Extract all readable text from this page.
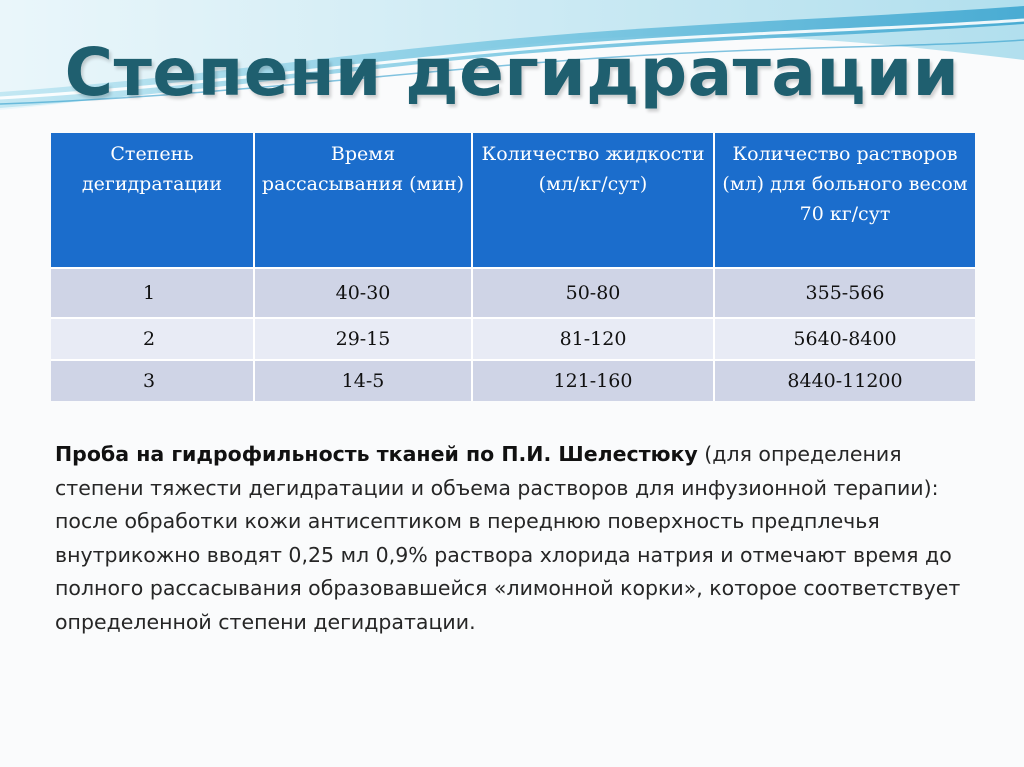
Степени дегидратации
Степень дегидратации	Время рассасывания (мин)	Количество жидкости (мл/кг/сут)	Количество растворов (мл) для больного весом 70 кг/сут
1	40-30	50-80	355-566
2	29-15	81-120	5640-8400
3	14-5	121-160	8440-11200

Проба на гидрофильность тканей по П.И. Шелестюку (для определения степени тяжести дегидратации и объема растворов для инфузионной терапии): после обработки кожи антисептиком в переднюю поверхность предплечья внутрикожно вводят 0,25 мл 0,9% раствора хлорида натрия и отмечают время до полного рассасывания образовавшейся «лимонной корки», которое соответствует определенной степени дегидратации.
